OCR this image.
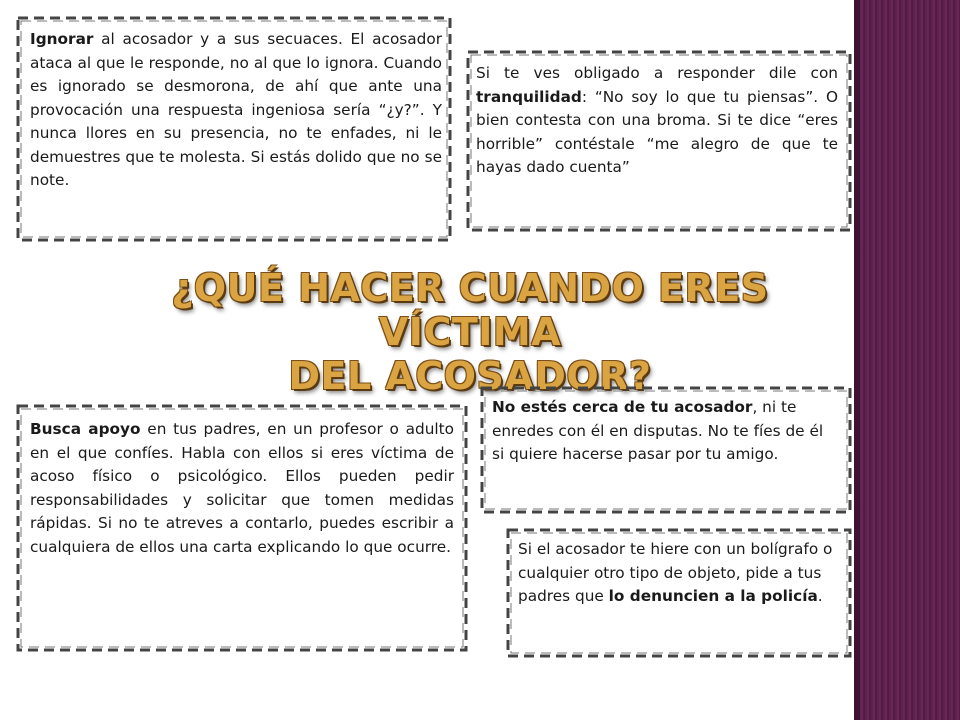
Ignorar al acosador y a sus secuaces. El acosador ataca al que le responde, no al que lo ignora. Cuando es ignorado se desmorona, de ahí que ante una provocación una respuesta ingeniosa sería “¿y?”. Y nunca llores en su presencia, no te enfades, ni le demuestres que te molesta. Si estás dolido que no se note.
Si te ves obligado a responder dile con tranquilidad: “No soy lo que tu piensas”. O bien contesta con una broma. Si te dice “eres horrible” contéstale “me alegro de que te hayas dado cuenta”
¿QUÉ HACER CUANDO ERES VÍCTIMA
DEL ACOSADOR?
Busca apoyo en tus padres, en un profesor o adulto en el que confíes. Habla con ellos si eres víctima de acoso físico o psicológico. Ellos pueden pedir responsabilidades y solicitar que tomen medidas rápidas. Si no te atreves a contarlo, puedes escribir a cualquiera de ellos una carta explicando lo que ocurre.
No estés cerca de tu acosador, ni te enredes con él en disputas. No te fíes de él si quiere hacerse pasar por tu amigo.
Si el acosador te hiere con un bolígrafo o cualquier otro tipo de objeto, pide a tus padres que lo denuncien a la policía.
